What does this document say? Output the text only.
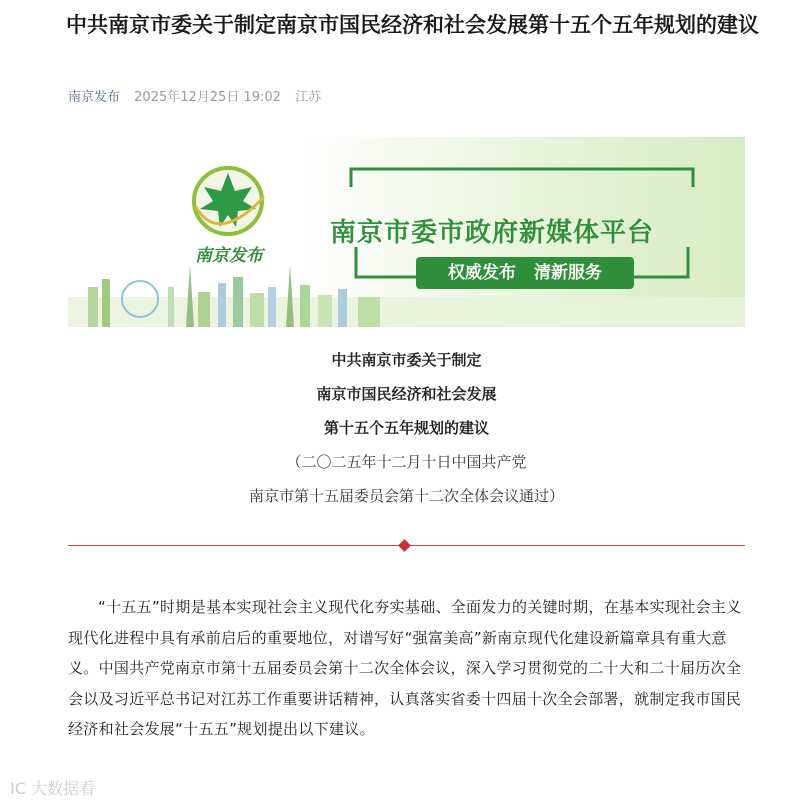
中共南京市委关于制定南京市国民经济和社会发展第十五个五年规划的建议
南京发布 2025年12月25日 19:02 江苏
南京发布
南京市委市政府新媒体平台
权威发布 清新服务
中共南京市委关于制定
南京市国民经济和社会发展
第十五个五年规划的建议
（二〇二五年十二月十日中国共产党
南京市第十五届委员会第十二次全体会议通过）

“十五五”时期是基本实现社会主义现代化夯实基础、全面发力的关键时期，在基本实现社会主义现代化进程中具有承前启后的重要地位，对谱写好“强富美高”新南京现代化建设新篇章具有重大意义。中国共产党南京市第十五届委员会第十二次全体会议，深入学习贯彻党的二十大和二十届历次全会以及习近平总书记对江苏工作重要讲话精神，认真落实省委十四届十次全会部署，就制定我市国民经济和社会发展“十五五”规划提出以下建议。

IC 大数据看
